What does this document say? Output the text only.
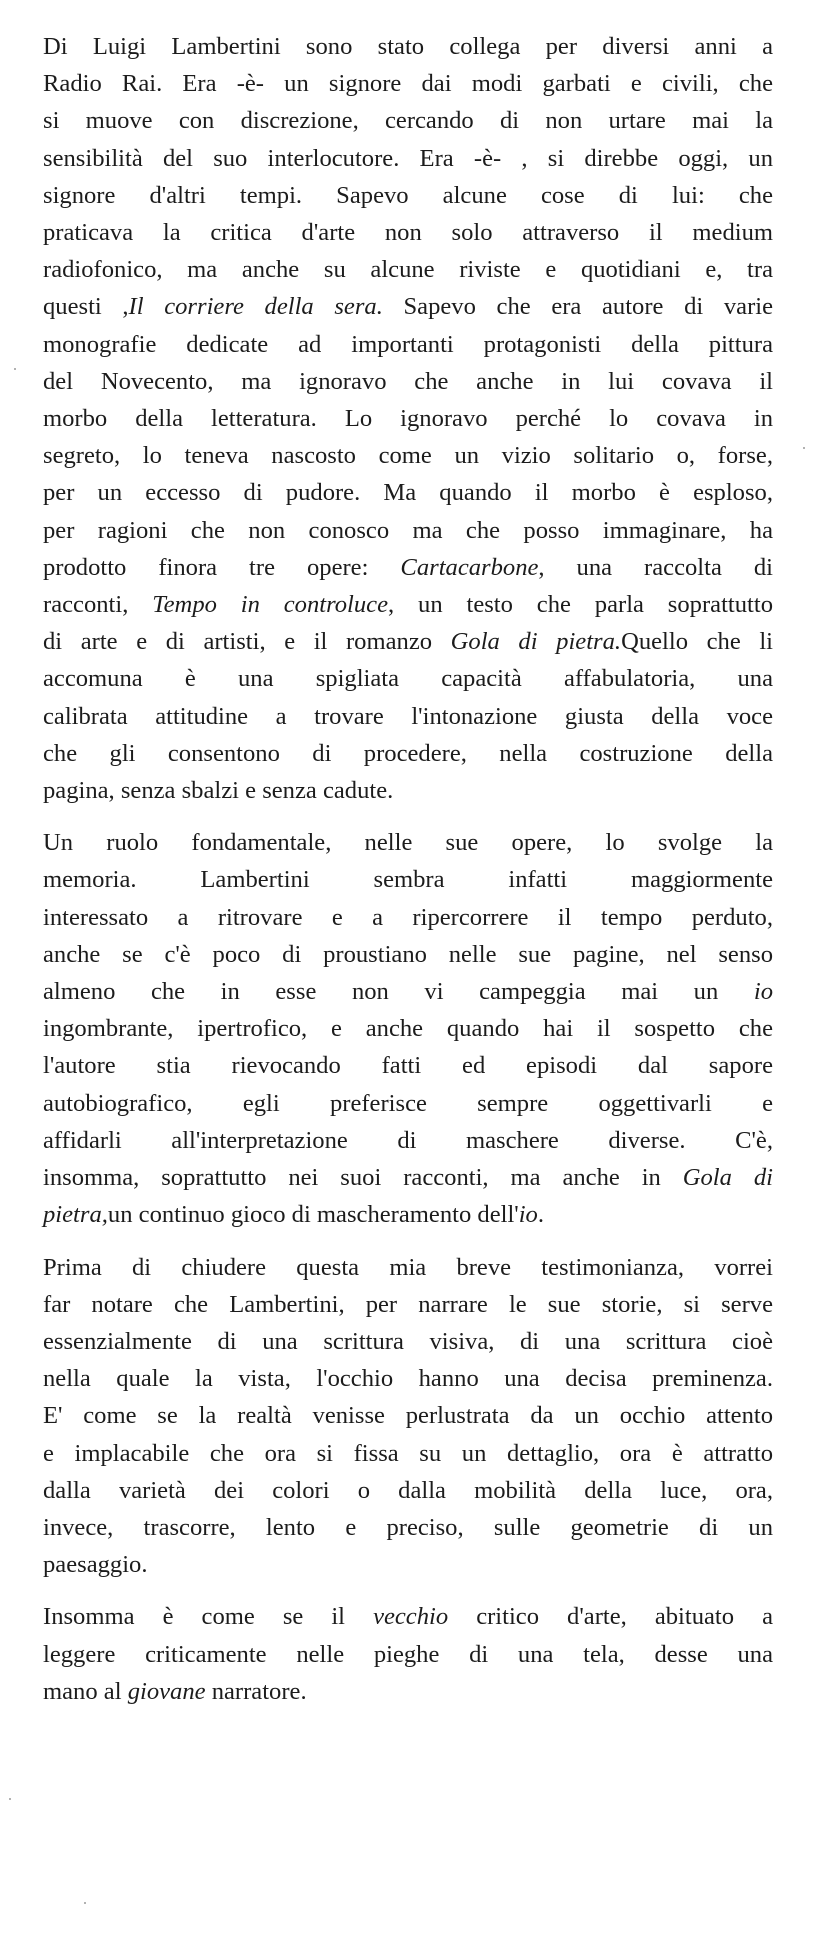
Di Luigi Lambertini sono stato collega per diversi anni a
Radio Rai. Era -è- un signore dai modi garbati e civili, che
si muove con discrezione, cercando di non urtare mai la
sensibilità del suo interlocutore. Era -è- , si direbbe oggi, un
signore d'altri tempi. Sapevo alcune cose di lui: che
praticava la critica d'arte non solo attraverso il medium
radiofonico, ma anche su alcune riviste e quotidiani e, tra
questi ,Il corriere della sera. Sapevo che era autore di varie
monografie dedicate ad importanti protagonisti della pittura
del Novecento, ma ignoravo che anche in lui covava il
morbo della letteratura. Lo ignoravo perché lo covava in
segreto, lo teneva nascosto come un vizio solitario o, forse,
per un eccesso di pudore. Ma quando il morbo è esploso,
per ragioni che non conosco ma che posso immaginare, ha
prodotto finora tre opere: Cartacarbone, una raccolta di
racconti, Tempo in controluce, un testo che parla soprattutto
di arte e di artisti, e il romanzo Gola di pietra.Quello che li
accomuna è una spigliata capacità affabulatoria, una
calibrata attitudine a trovare l'intonazione giusta della voce
che gli consentono di procedere, nella costruzione della
pagina, senza sbalzi e senza cadute.
Un ruolo fondamentale, nelle sue opere, lo svolge la
memoria. Lambertini sembra infatti maggiormente
interessato a ritrovare e a ripercorrere il tempo perduto,
anche se c'è poco di proustiano nelle sue pagine, nel senso
almeno che in esse non vi campeggia mai un io
ingombrante, ipertrofico, e anche quando hai il sospetto che
l'autore stia rievocando fatti ed episodi dal sapore
autobiografico, egli preferisce sempre oggettivarli e
affidarli all'interpretazione di maschere diverse. C'è,
insomma, soprattutto nei suoi racconti, ma anche in Gola di
pietra,un continuo gioco di mascheramento dell'io.
Prima di chiudere questa mia breve testimonianza, vorrei
far notare che Lambertini, per narrare le sue storie, si serve
essenzialmente di una scrittura visiva, di una scrittura cioè
nella quale la vista, l'occhio hanno una decisa preminenza.
E' come se la realtà venisse perlustrata da un occhio attento
e implacabile che ora si fissa su un dettaglio, ora è attratto
dalla varietà dei colori o dalla mobilità della luce, ora,
invece, trascorre, lento e preciso, sulle geometrie di un
paesaggio.
Insomma è come se il vecchio critico d'arte, abituato a
leggere criticamente nelle pieghe di una tela, desse una
mano al giovane narratore.
